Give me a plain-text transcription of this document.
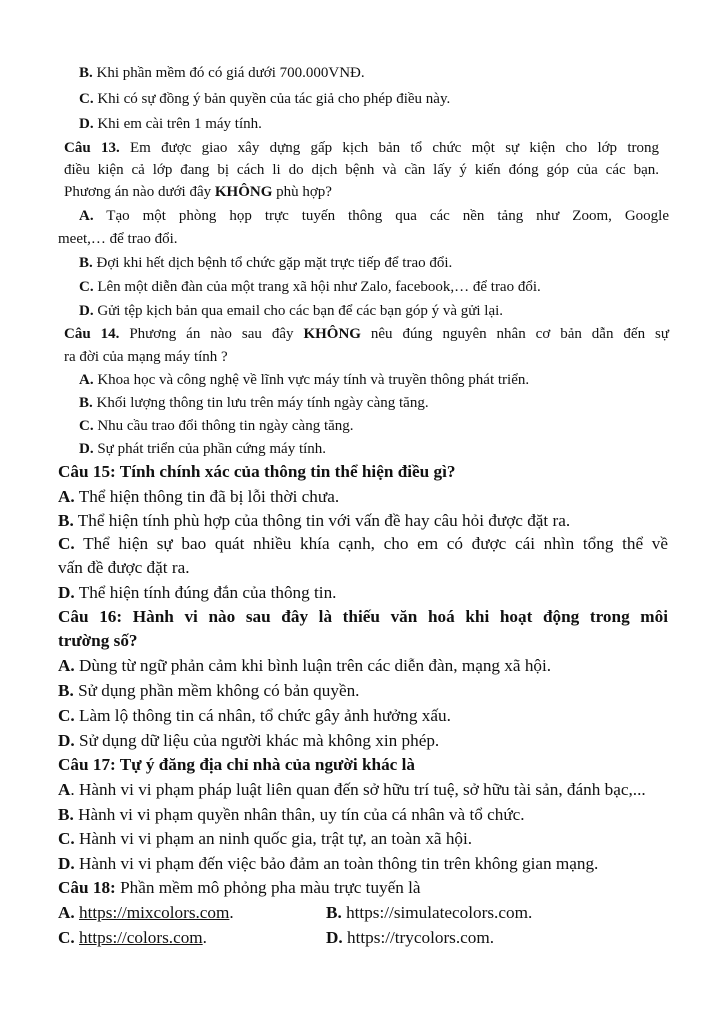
B. Khi phần mềm đó có giá dưới 700.000VNĐ.
C. Khi có sự đồng ý bản quyền của tác giả cho phép điều này.
D. Khi em cài trên 1 máy tính.
Câu 13. Em được giao xây dựng gấp kịch bản tổ chức một sự kiện cho lớp trong
điều kiện cả lớp đang bị cách li do dịch bệnh và cần lấy ý kiến đóng góp của các bạn.
Phương án nào dưới đây KHÔNG phù hợp?
A. Tạo một phòng họp trực tuyến thông qua các nền tảng như Zoom, Google
meet,… để trao đổi.
B. Đợi khi hết dịch bệnh tổ chức gặp mặt trực tiếp để trao đổi.
C. Lên một diễn đàn của một trang xã hội như Zalo, facebook,… để trao đổi.
D. Gửi tệp kịch bản qua email cho các bạn để các bạn góp ý và gửi lại.
Câu 14. Phương án nào sau đây KHÔNG nêu đúng nguyên nhân cơ bản dẫn đến sự
ra đời của mạng máy tính ?
A. Khoa học và công nghệ về lĩnh vực máy tính và truyền thông phát triển.
B. Khối lượng thông tin lưu trên máy tính ngày càng tăng.
C. Nhu cầu trao đổi thông tin ngày càng tăng.
D. Sự phát triển của phần cứng máy tính.
Câu 15: Tính chính xác của thông tin thể hiện điều gì?
A. Thể hiện thông tin đã bị lỗi thời chưa.
B. Thể hiện tính phù hợp của thông tin với vấn đề hay câu hỏi được đặt ra.
C. Thể hiện sự bao quát nhiều khía cạnh, cho em có được cái nhìn tổng thể về
vấn đề được đặt ra.
D. Thể hiện tính đúng đắn của thông tin.
Câu 16: Hành vi nào sau đây là thiếu văn hoá khi hoạt động trong môi
trường số?
A. Dùng từ ngữ phản cảm khi bình luận trên các diễn đàn, mạng xã hội.
B. Sử dụng phần mềm không có bản quyền.
C. Làm lộ thông tin cá nhân, tổ chức gây ảnh hưởng xấu.
D. Sử dụng dữ liệu của người khác mà không xin phép.
Câu 17: Tự ý đăng địa chỉ nhà của người khác là
A. Hành vi vi phạm pháp luật liên quan đến sở hữu trí tuệ, sở hữu tài sản, đánh bạc,...
B. Hành vi vi phạm quyền nhân thân, uy tín của cá nhân và tổ chức.
C. Hành vi vi phạm an ninh quốc gia, trật tự, an toàn xã hội.
D. Hành vi vi phạm đến việc bảo đảm an toàn thông tin trên không gian mạng.
Câu 18: Phần mềm mô phỏng pha màu trực tuyến là
A. https://mixcolors.com.	B. https://simulatecolors.com.
C. https://colors.com.	D. https://trycolors.com.
